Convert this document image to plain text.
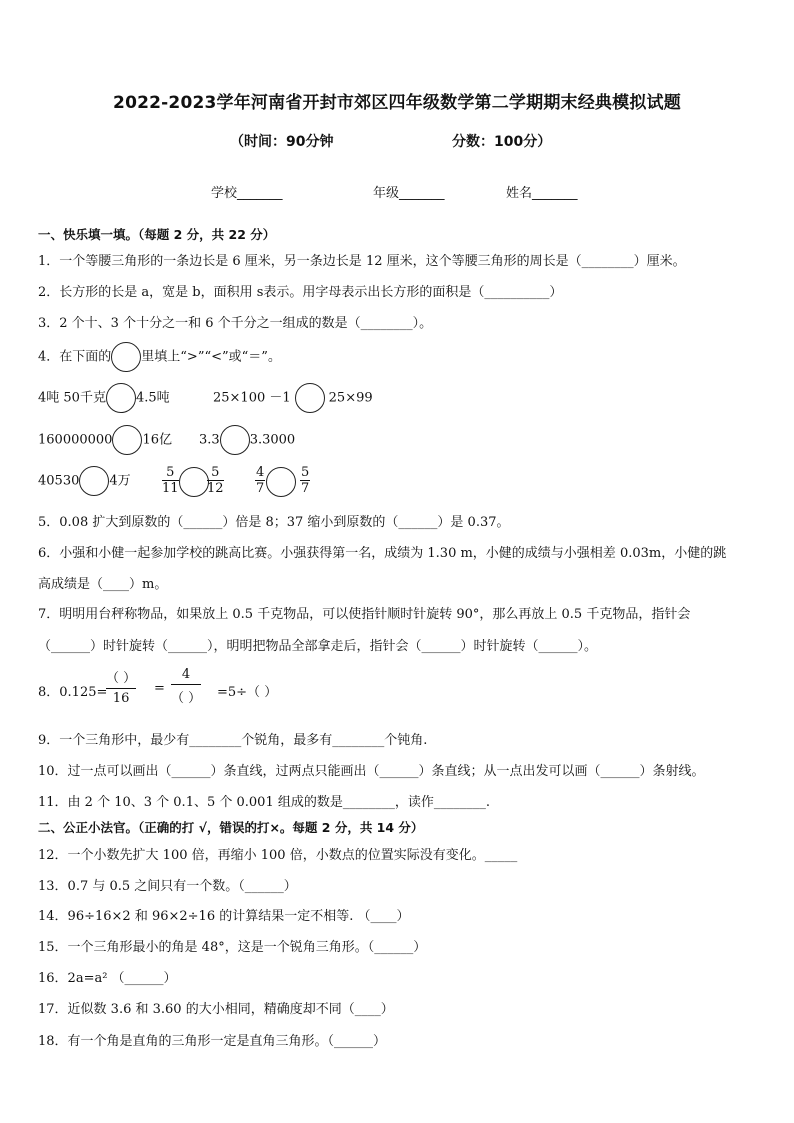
2022-2023学年河南省开封市郊区四年级数学第二学期期末经典模拟试题
（时间：90分钟	分数：100分）
学校_______	年级_______	姓名_______
一、快乐填一填。（每题 2 分，共 22 分）
1．一个等腰三角形的一条边长是 6 厘米，另一条边长是 12 厘米，这个等腰三角形的周长是（________）厘米。
2．长方形的长是 a，宽是 b，面积用 s表示。用字母表示出长方形的面积是（__________）
3．2 个十、3 个十分之一和 6 个千分之一组成的数是（________）。
4．在下面的 里填上“>”“<”或“＝”。
4吨 50千克 4.5吨	25×100 －1	25×99
160000000 16亿 3.3 3.3000
40530 4万 $\frac{5}{11} \frac{5}{12} \frac{4}{7}$	$\frac{5}{7}$
5．0.08 扩大到原数的（______）倍是 8；37 缩小到原数的（______）是 0.37。
6．小强和小健一起参加学校的跳高比赛。小强获得第一名，成绩为 1.30 m，小健的成绩与小强相差 0.03m，小健的跳
高成绩是（____）m。
7．明明用台秤称物品，如果放上 0.5 千克物品，可以使指针顺时针旋转 90°，那么再放上 0.5 千克物品，指针会
（______）时针旋转（______），明明把物品全部拿走后，指针会（______）时针旋转（______）。
8．0.125=
（ ）
16
=
4
（ ） =5÷（ ）
9．一个三角形中，最少有________个锐角，最多有________个钝角.
10．过一点可以画出（______）条直线，过两点只能画出（______）条直线；从一点出发可以画（______）条射线。
11．由 2 个 10、3 个 0.1、5 个 0.001 组成的数是________，读作________.
二、公正小法官。（正确的打 √，错误的打×。每题 2 分，共 14 分）
12．一个小数先扩大 100 倍，再缩小 100 倍，小数点的位置实际没有变化。_____
13．0.7 与 0.5 之间只有一个数。（______）
14．96÷16×2 和 96×2÷16 的计算结果一定不相等. （____）
15．一个三角形最小的角是 48°，这是一个锐角三角形。（______）
16．2a=a² （______）
17．近似数 3.6 和 3.60 的大小相同，精确度却不同（____）
18．有一个角是直角的三角形一定是直角三角形。（______）
